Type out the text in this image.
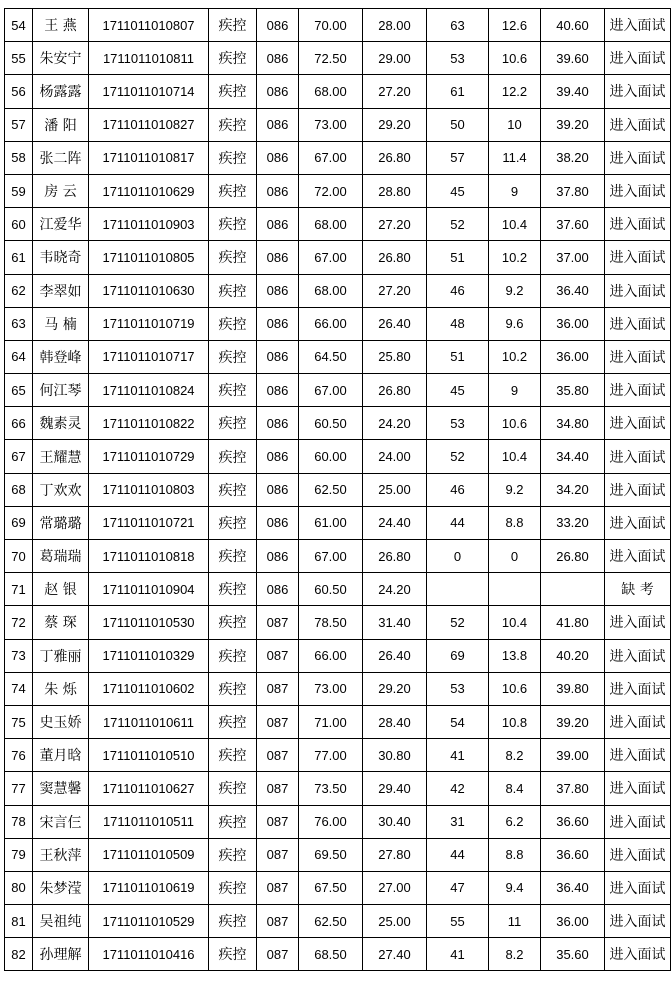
54	王 燕	1711011010807	疾控	086	70.00	28.00	63	12.6	40.60	进入面试
55	朱安宁	1711011010811	疾控	086	72.50	29.00	53	10.6	39.60	进入面试
56	杨露露	1711011010714	疾控	086	68.00	27.20	61	12.2	39.40	进入面试
57	潘 阳	1711011010827	疾控	086	73.00	29.20	50	10	39.20	进入面试
58	张二阵	1711011010817	疾控	086	67.00	26.80	57	11.4	38.20	进入面试
59	房 云	1711011010629	疾控	086	72.00	28.80	45	9	37.80	进入面试
60	江爱华	1711011010903	疾控	086	68.00	27.20	52	10.4	37.60	进入面试
61	韦晓奇	1711011010805	疾控	086	67.00	26.80	51	10.2	37.00	进入面试
62	李翠如	1711011010630	疾控	086	68.00	27.20	46	9.2	36.40	进入面试
63	马 楠	1711011010719	疾控	086	66.00	26.40	48	9.6	36.00	进入面试
64	韩登峰	1711011010717	疾控	086	64.50	25.80	51	10.2	36.00	进入面试
65	何江琴	1711011010824	疾控	086	67.00	26.80	45	9	35.80	进入面试
66	魏素灵	1711011010822	疾控	086	60.50	24.20	53	10.6	34.80	进入面试
67	王耀慧	1711011010729	疾控	086	60.00	24.00	52	10.4	34.40	进入面试
68	丁欢欢	1711011010803	疾控	086	62.50	25.00	46	9.2	34.20	进入面试
69	常璐璐	1711011010721	疾控	086	61.00	24.40	44	8.8	33.20	进入面试
70	葛瑞瑞	1711011010818	疾控	086	67.00	26.80	0	0	26.80	进入面试
71	赵 银	1711011010904	疾控	086	60.50	24.20				缺 考
72	蔡 琛	1711011010530	疾控	087	78.50	31.40	52	10.4	41.80	进入面试
73	丁雅丽	1711011010329	疾控	087	66.00	26.40	69	13.8	40.20	进入面试
74	朱 烁	1711011010602	疾控	087	73.00	29.20	53	10.6	39.80	进入面试
75	史玉娇	1711011010611	疾控	087	71.00	28.40	54	10.8	39.20	进入面试
76	董月晗	1711011010510	疾控	087	77.00	30.80	41	8.2	39.00	进入面试
77	窦慧馨	1711011010627	疾控	087	73.50	29.40	42	8.4	37.80	进入面试
78	宋言仨	1711011010511	疾控	087	76.00	30.40	31	6.2	36.60	进入面试
79	王秋萍	1711011010509	疾控	087	69.50	27.80	44	8.8	36.60	进入面试
80	朱梦滢	1711011010619	疾控	087	67.50	27.00	47	9.4	36.40	进入面试
81	吴祖纯	1711011010529	疾控	087	62.50	25.00	55	11	36.00	进入面试
82	孙理解	1711011010416	疾控	087	68.50	27.40	41	8.2	35.60	进入面试
